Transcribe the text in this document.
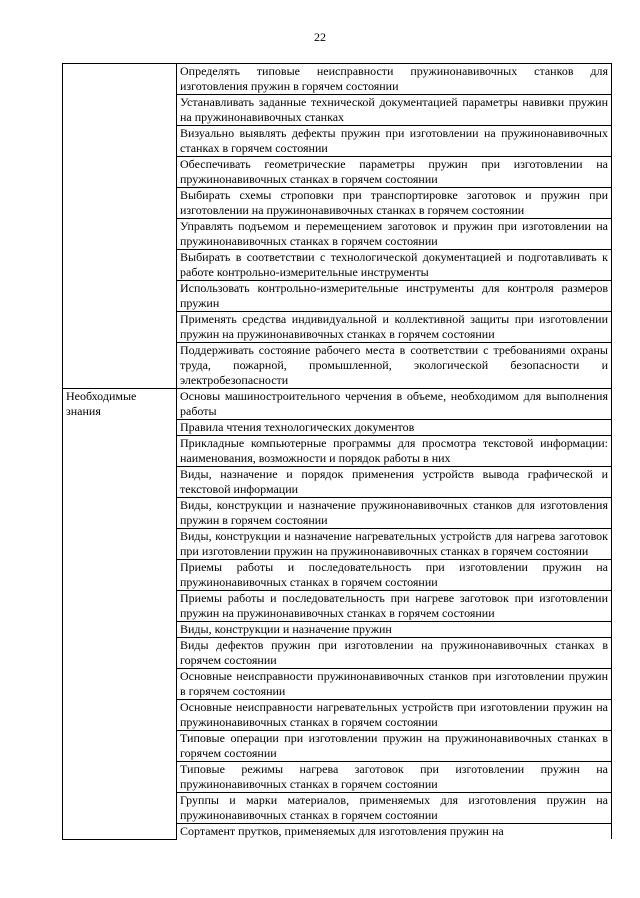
22
	Определять типовые неисправности пружинонавивочных станков для изготовления пружин в горячем состоянии
	Устанавливать заданные технической документацией параметры навивки пружин на пружинонавивочных станках
	Визуально выявлять дефекты пружин при изготовлении на пружинонавивочных станках в горячем состоянии
	Обеспечивать геометрические параметры пружин при изготовлении на пружинонавивочных станках в горячем состоянии
	Выбирать схемы строповки при транспортировке заготовок и пружин при изготовлении на пружинонавивочных станках в горячем состоянии
	Управлять подъемом и перемещением заготовок и пружин при изготовлении на пружинонавивочных станках в горячем состоянии
	Выбирать в соответствии с технологической документацией и подготавливать к работе контрольно-измерительные инструменты
	Использовать контрольно-измерительные инструменты для контроля размеров пружин
	Применять средства индивидуальной и коллективной защиты при изготовлении пружин на пружинонавивочных станках в горячем состоянии
	Поддерживать состояние рабочего места в соответствии с требованиями охраны труда, пожарной, промышленной, экологической безопасности и электробезопасности
Необходимые знания	Основы машиностроительного черчения в объеме, необходимом для выполнения работы
	Правила чтения технологических документов
	Прикладные компьютерные программы для просмотра текстовой информации: наименования, возможности и порядок работы в них
	Виды, назначение и порядок применения устройств вывода графической и текстовой информации
	Виды, конструкции и назначение пружинонавивочных станков для изготовления пружин в горячем состоянии
	Виды, конструкции и назначение нагревательных устройств для нагрева заготовок при изготовлении пружин на пружинонавивочных станках в горячем состоянии
	Приемы работы и последовательность при изготовлении пружин на пружинонавивочных станках в горячем состоянии
	Приемы работы и последовательность при нагреве заготовок при изготовлении пружин на пружинонавивочных станках в горячем состоянии
	Виды, конструкции и назначение пружин
	Виды дефектов пружин при изготовлении на пружинонавивочных станках в горячем состоянии
	Основные неисправности пружинонавивочных станков при изготовлении пружин в горячем состоянии
	Основные неисправности нагревательных устройств при изготовлении пружин на пружинонавивочных станках в горячем состоянии
	Типовые операции при изготовлении пружин на пружинонавивочных станках в горячем состоянии
	Типовые режимы нагрева заготовок при изготовлении пружин на пружинонавивочных станках в горячем состоянии
	Группы и марки материалов, применяемых для изготовления пружин на пружинонавивочных станках в горячем состоянии
	Сортамент прутков, применяемых для изготовления пружин на
